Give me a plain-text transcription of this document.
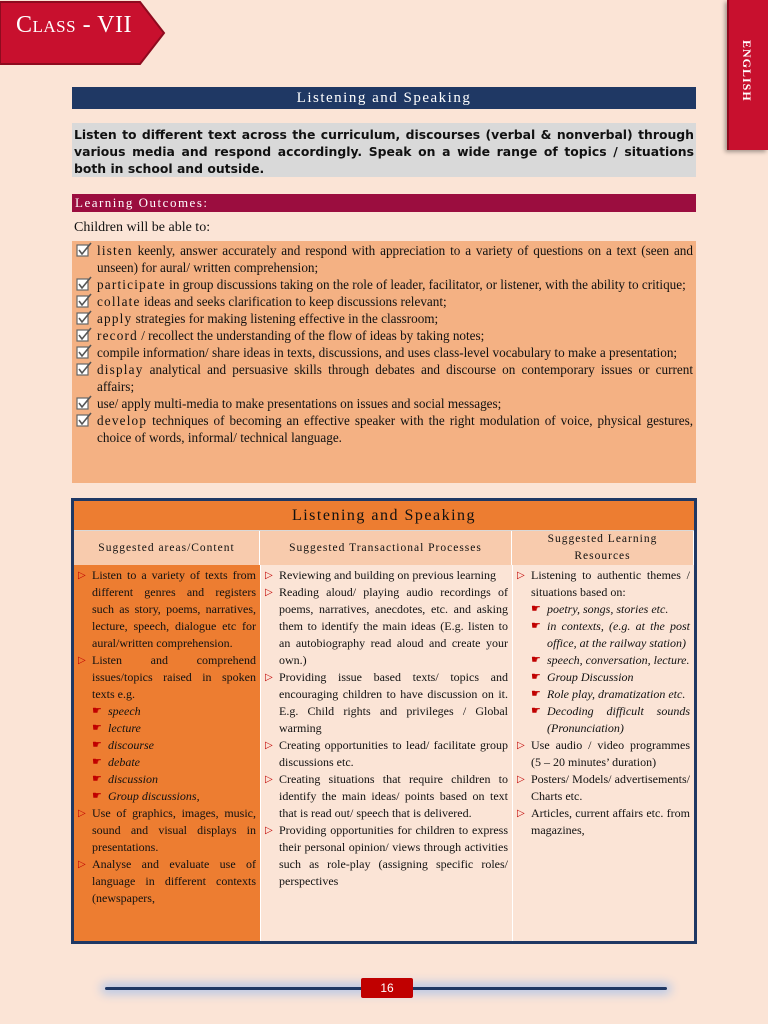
CLASS - VII
ENGLISH
Listening and Speaking
Listen to different text across the curriculum, discourses (verbal & nonverbal) through various media and respond accordingly. Speak on a wide range of topics / situations both in school and outside.
Learning Outcomes:
Children will be able to:
listen keenly, answer accurately and respond with appreciation to a variety of questions on a text (seen and unseen) for aural/ written comprehension;
participate in group discussions taking on the role of leader, facilitator, or listener, with the ability to critique;
collate ideas and seeks clarification to keep discussions relevant;
apply strategies for making listening effective in the classroom;
record / recollect the understanding of the flow of ideas by taking notes;
compile information/ share ideas in texts, discussions, and uses class-level vocabulary to make a presentation;
display analytical and persuasive skills through debates and discourse on contemporary issues or current affairs;
use/ apply multi-media to make presentations on issues and social messages;
develop techniques of becoming an effective speaker with the right modulation of voice, physical gestures, choice of words, informal/ technical language.
Listening and Speaking
Suggested areas/Content	Suggested Transactional Processes
Suggested Learning Resources
▷ Listen to a variety of texts from different genres and registers such as story, poems, narratives, lecture, speech, dialogue etc for aural/written comprehension.
▷ Listen and comprehend issues/topics raised in spoken texts e.g.
☛ speech
☛ lecture
☛ discourse
☛ debate
☛ discussion
☛ Group discussions,
▷ Use of graphics, images, music, sound and visual displays in presentations.
▷ Analyse and evaluate use of language in different contexts (newspapers,
▷ Reviewing and building on previous learning
▷ Reading aloud/ playing audio recordings of poems, narratives, anecdotes, etc. and asking them to identify the main ideas (E.g. listen to an autobiography read aloud and create your own.)
▷ Providing issue based texts/ topics and encouraging children to have discussion on it. E.g. Child rights and privileges / Global warming
▷ Creating opportunities to lead/ facilitate group discussions etc.
▷ Creating situations that require children to identify the main ideas/ points based on text that is read out/ speech that is delivered.
▷ Providing opportunities for children to express their personal opinion/ views through activities such as role-play (assigning specific roles/ perspectives
▷ Listening to authentic themes / situations based on:
☛ poetry, songs, stories etc.
☛ in contexts, (e.g. at the post office, at the railway station)
☛ speech, conversation, lecture.
☛ Group Discussion
☛ Role play, dramatization etc.
☛ Decoding difficult sounds (Pronunciation)
▷ Use audio / video programmes (5 – 20 minutes’ duration)
▷ Posters/ Models/ advertisements/ Charts etc.
▷ Articles, current affairs etc. from magazines,
16
